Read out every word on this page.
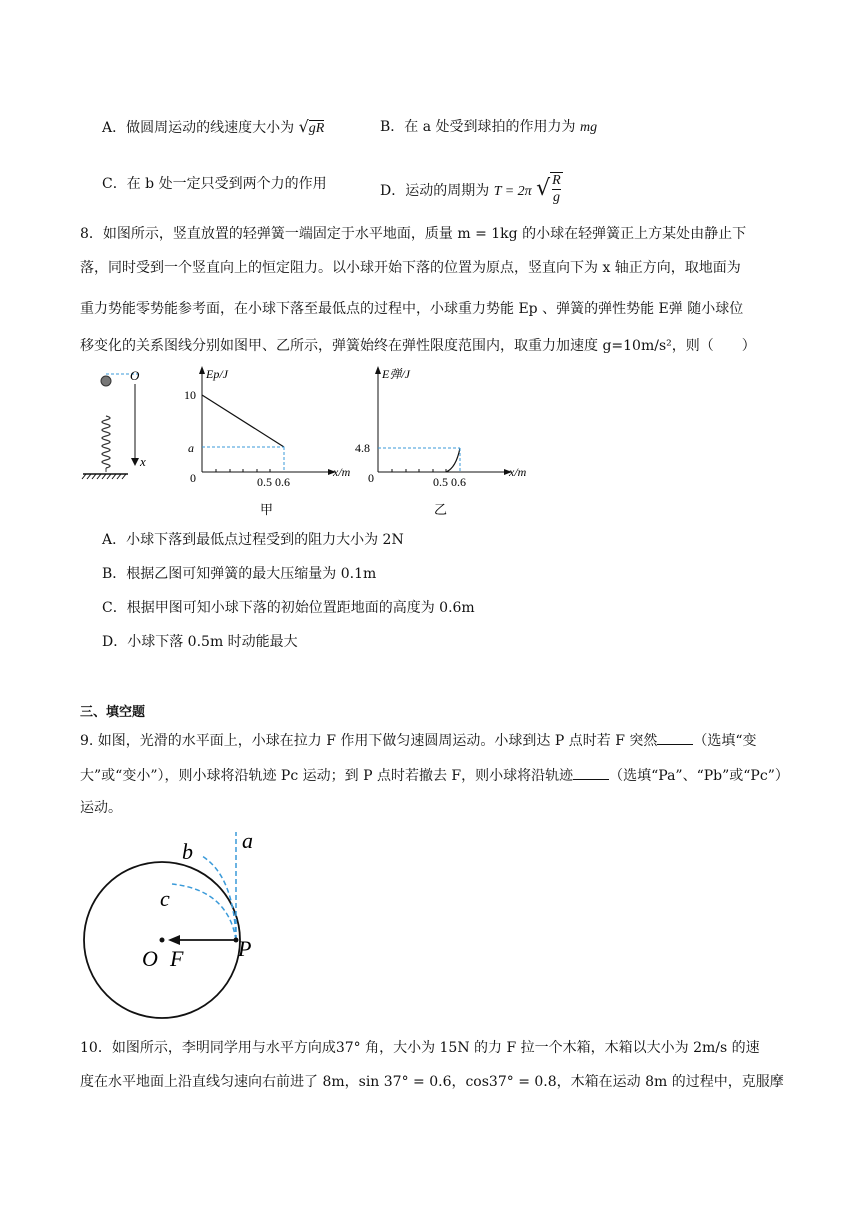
A．做圆周运动的线速度大小为 √gR	B．在 a 处受到球拍的作用力为 mg
C．在 b 处一定只受到两个力的作用	D．运动的周期为 T = 2π √ $\frac{R}{g}$
8．如图所示，竖直放置的轻弹簧一端固定于水平地面，质量 m = 1kg 的小球在轻弹簧正上方某处由静止下
落，同时受到一个竖直向上的恒定阻力。以小球开始下落的位置为原点，竖直向下为 x 轴正方向，取地面为
重力势能零势能参考面，在小球下落至最低点的过程中，小球重力势能 Ep 、弹簧的弹性势能 E弹 随小球位
移变化的关系图线分别如图甲、乙所示，弹簧始终在弹性限度范围内，取重力加速度 g=10m/s²，则（　　）
O
x
Ep/J
x/m
10
a
0	0.5 0.6
甲
E弹/J
x/m
4.8
0	0.5 0.6
乙
A．小球下落到最低点过程受到的阻力大小为 2N
B．根据乙图可知弹簧的最大压缩量为 0.1m
C．根据甲图可知小球下落的初始位置距地面的高度为 0.6m
D．小球下落 0.5m 时动能最大
三、填空题
9. 如图，光滑的水平面上，小球在拉力 F 作用下做匀速圆周运动。小球到达 P 点时若 F 突然	（选填“变
大”或“变小”），则小球将沿轨迹 Pc 运动；到 P 点时若撤去 F，则小球将沿轨迹	（选填“Pa”、“Pb”或“Pc”）
运动。
a
b
c
O F P
10．如图所示，李明同学用与水平方向成37° 角，大小为 15N 的力 F 拉一个木箱，木箱以大小为 2m/s 的速
度在水平地面上沿直线匀速向右前进了 8m，sin 37° = 0.6，cos37° = 0.8，木箱在运动 8m 的过程中，克服摩
